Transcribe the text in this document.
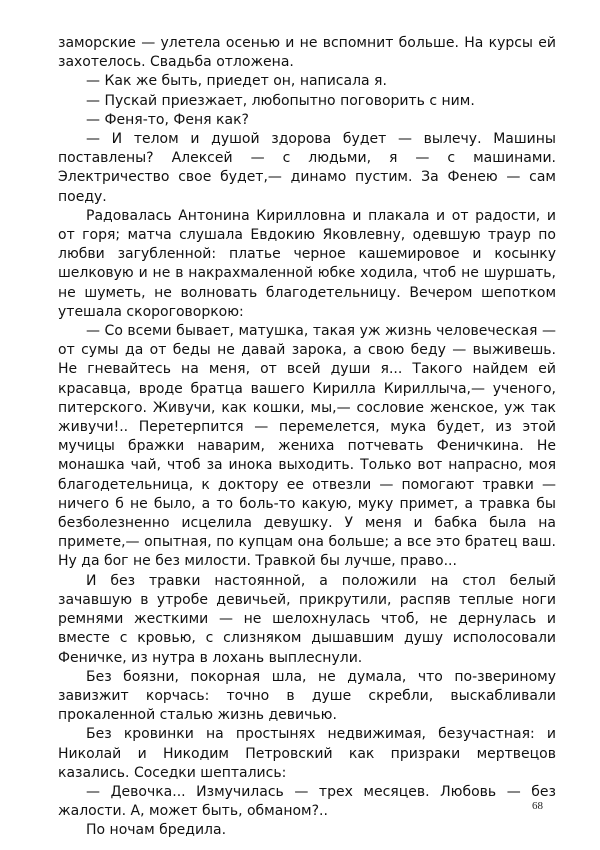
заморские — улетела осенью и не вспомнит больше. На курсы ей захотелось. Свадьба отложена.

— Как же быть, приедет он, написала я.

— Пускай приезжает, любопытно поговорить с ним.

— Феня-то, Феня как?

— И телом и душой здорова будет — вылечу. Машины поставлены? Алексей — с людьми, я — с машинами. Электричество свое будет,— динамо пустим. За Фенею — сам поеду.

Радовалась Антонина Кирилловна и плакала и от радости, и от горя; матча слушала Евдокию Яковлевну, одевшую траур по любви загубленной: платье черное кашемировое и косынку шелковую и не в накрахмаленной юбке ходила, чтоб не шуршать, не шуметь, не волновать благодетельницу. Вечером шепотком утешала скороговоркою:

— Со всеми бывает, матушка, такая уж жизнь человеческая — от сумы да от беды не давай зарока, а свою беду — выживешь. Не гневайтесь на меня, от всей души я... Такого найдем ей красавца, вроде братца вашего Кирилла Кириллыча,— ученого, питерского. Живучи, как кошки, мы,— сословие женское, уж так живучи!.. Перетерпится — перемелется, мука будет, из этой мучицы бражки наварим, жениха потчевать Феничкина. Не монашка чай, чтоб за инока выходить. Только вот напрасно, моя благодетельница, к доктору ее отвезли — помогают травки — ничего б не было, а то боль-то какую, муку примет, а травка бы безболезненно исцелила девушку. У меня и бабка была на примете,— опытная, по купцам она больше; а все это братец ваш. Ну да бог не без милости. Травкой бы лучше, право...

И без травки настоянной, а положили на стол белый зачавшую в утробе девичьей, прикрутили, распяв теплые ноги ремнями жесткими — не шелохнулась чтоб, не дернулась и вместе с кровью, с слизняком дышавшим душу исполосовали Феничке, из нутра в лохань выплеснули.

Без боязни, покорная шла, не думала, что по-звериному завизжит корчась: точно в душе скребли, выскабливали прокаленной сталью жизнь девичью.

Без кровинки на простынях недвижимая, безучастная: и Николай и Никодим Петровский как призраки мертвецов казались. Соседки шептались:

— Девочка... Измучилась — трех месяцев. Любовь — без жалости. А, может быть, обманом?..

По ночам бредила.

68
